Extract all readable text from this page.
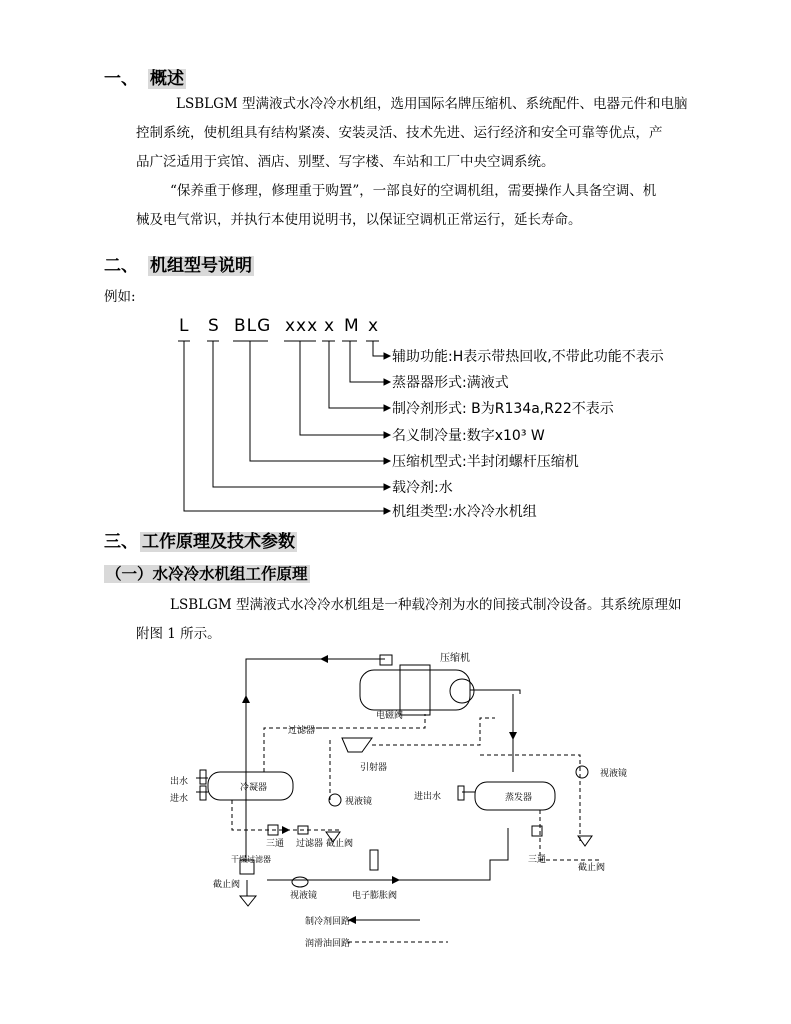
一、 概述
LSBLGM 型满液式水冷冷水机组，选用国际名牌压缩机、系统配件、电器元件和电脑
控制系统，使机组具有结构紧凑、安装灵活、技术先进、运行经济和安全可靠等优点，产
品广泛适用于宾馆、酒店、别墅、写字楼、车站和工厂中央空调系统。
“保养重于修理，修理重于购置”，一部良好的空调机组，需要操作人具备空调、机
械及电气常识，并执行本使用说明书，以保证空调机正常运行，延长寿命。
二、 机组型号说明
例如:
L S BLG xxx x M x
辅助功能:H表示带热回收,不带此功能不表示
蒸器器形式:满液式
制冷剂形式: B为R134a,R22不表示
名义制冷量:数字x10³ W
压缩机型式:半封闭螺杆压缩机
载冷剂:水
机组类型:水冷冷水机组
三、 工作原理及技术参数
（一）水冷冷水机组工作原理
LSBLGM 型满液式水冷冷水机组是一种载冷剂为水的间接式制冷设备。其系统原理如
附图 1 所示。
压缩机
电磁阀
过滤器
引射器
视液镜
出水
进水
冷凝器
视液镜
三通 过滤器 截止阀
进出水	蒸发器
三通
截止阀
干燥过滤器
截止阀
视液镜	电子膨胀阀
制冷剂回路
润滑油回路
